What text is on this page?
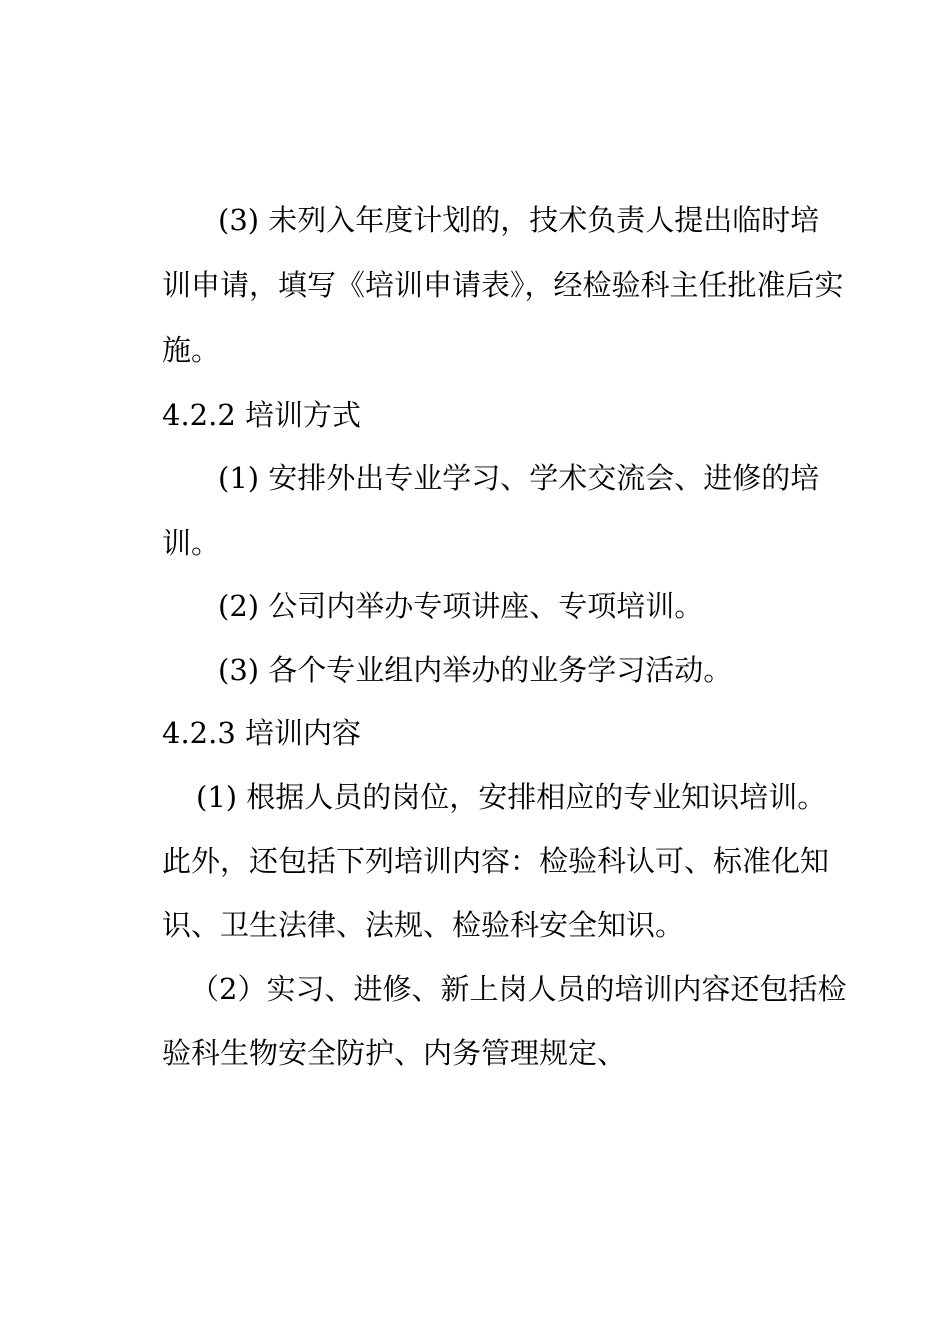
(3) 未列入年度计划的，技术负责人提出临时培
训申请，填写《培训申请表》，经检验科主任批准后实
施。
4.2.2 培训方式
(1) 安排外出专业学习、学术交流会、进修的培
训。
(2) 公司内举办专项讲座、专项培训。
(3) 各个专业组内举办的业务学习活动。
4.2.3 培训内容
(1) 根据人员的岗位，安排相应的专业知识培训。
此外，还包括下列培训内容：检验科认可、标准化知
识、卫生法律、法规、检验科安全知识。
（2）实习、进修、新上岗人员的培训内容还包括检
验科生物安全防护、内务管理规定、
